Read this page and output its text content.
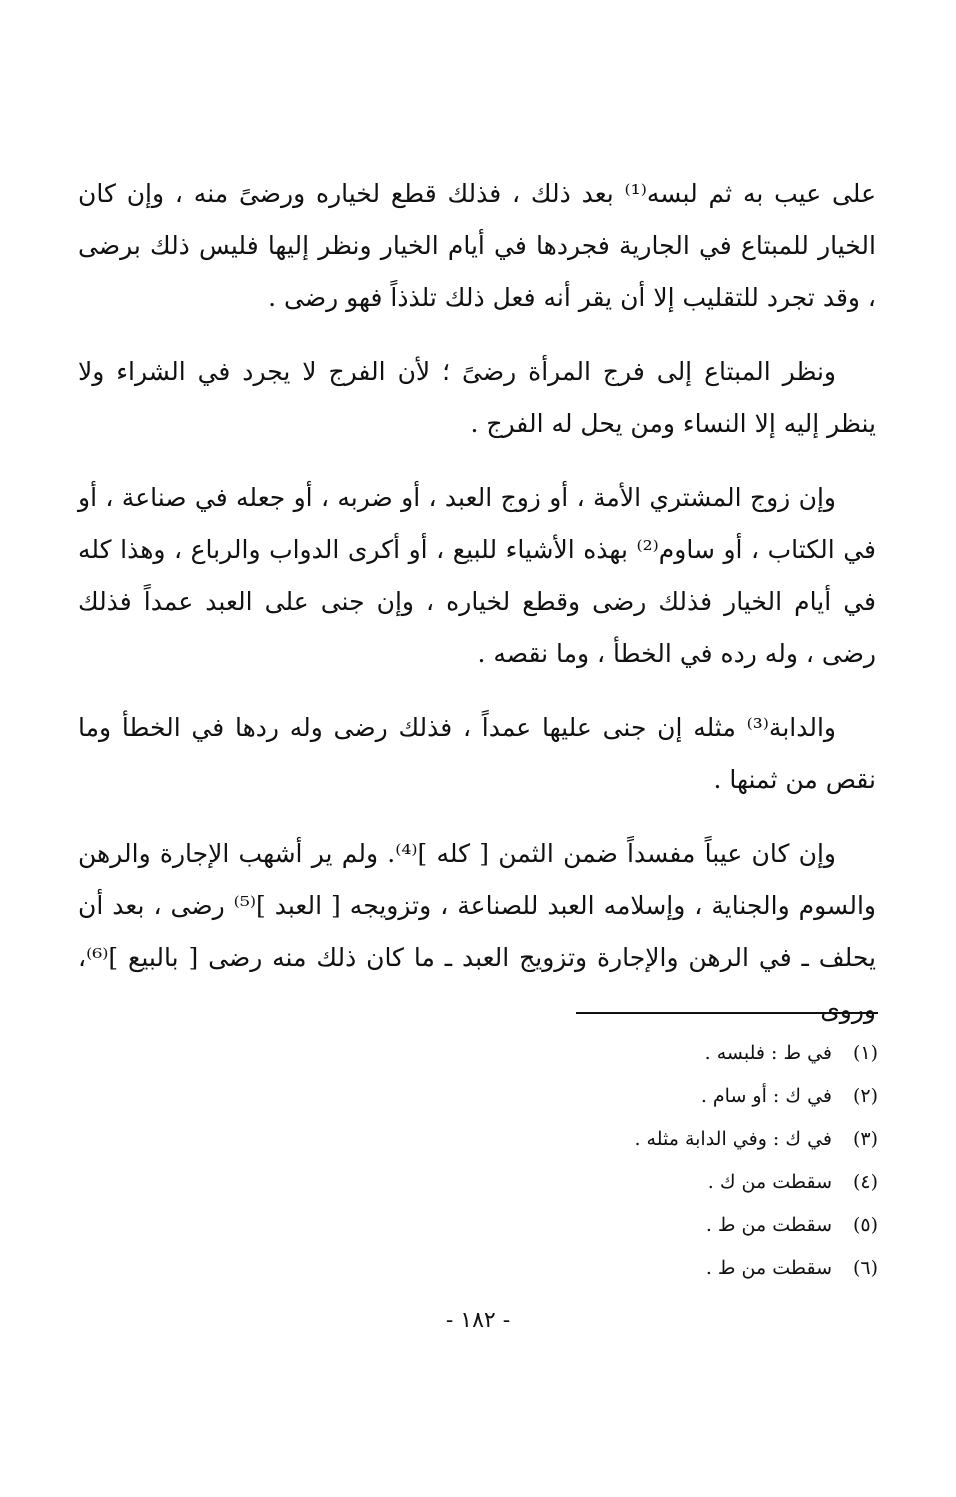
على عيب به ثم لبسه⁽¹⁾ بعد ذلك ، فذلك قطع لخياره ورضىً منه ، وإن كان الخيار للمبتاع في الجارية فجردها في أيام الخيار ونظر إليها فليس ذلك برضى ، وقد تجرد للتقليب إلا أن يقر أنه فعل ذلك تلذذاً فهو رضى .

ونظر المبتاع إلى فرج المرأة رضىً ؛ لأن الفرج لا يجرد في الشراء ولا ينظر إليه إلا النساء ومن يحل له الفرج .

وإن زوج المشتري الأمة ، أو زوج العبد ، أو ضربه ، أو جعله في صناعة ، أو في الكتاب ، أو ساوم⁽²⁾ بهذه الأشياء للبيع ، أو أكرى الدواب والرباع ، وهذا كله في أيام الخيار فذلك رضى وقطع لخياره ، وإن جنى على العبد عمداً فذلك رضى ، وله رده في الخطأ ، وما نقصه .

والدابة⁽³⁾ مثله إن جنى عليها عمداً ، فذلك رضى وله ردها في الخطأ وما نقص من ثمنها .

وإن كان عيباً مفسداً ضمن الثمن [ كله ]⁽⁴⁾. ولم ير أشهب الإجارة والرهن والسوم والجناية ، وإسلامه العبد للصناعة ، وتزويجه [ العبد ]⁽⁵⁾ رضى ، بعد أن يحلف ـ في الرهن والإجارة وتزويج العبد ـ ما كان ذلك منه رضى [ بالبيع ]⁽⁶⁾، وروى

(١)في ط : فلبسه .
(٢)في ك : أو سام .
(٣)في ك : وفي الدابة مثله .
(٤)سقطت من ك .
(٥)سقطت من ط .
(٦)سقطت من ط .
- ١٨٢ -
